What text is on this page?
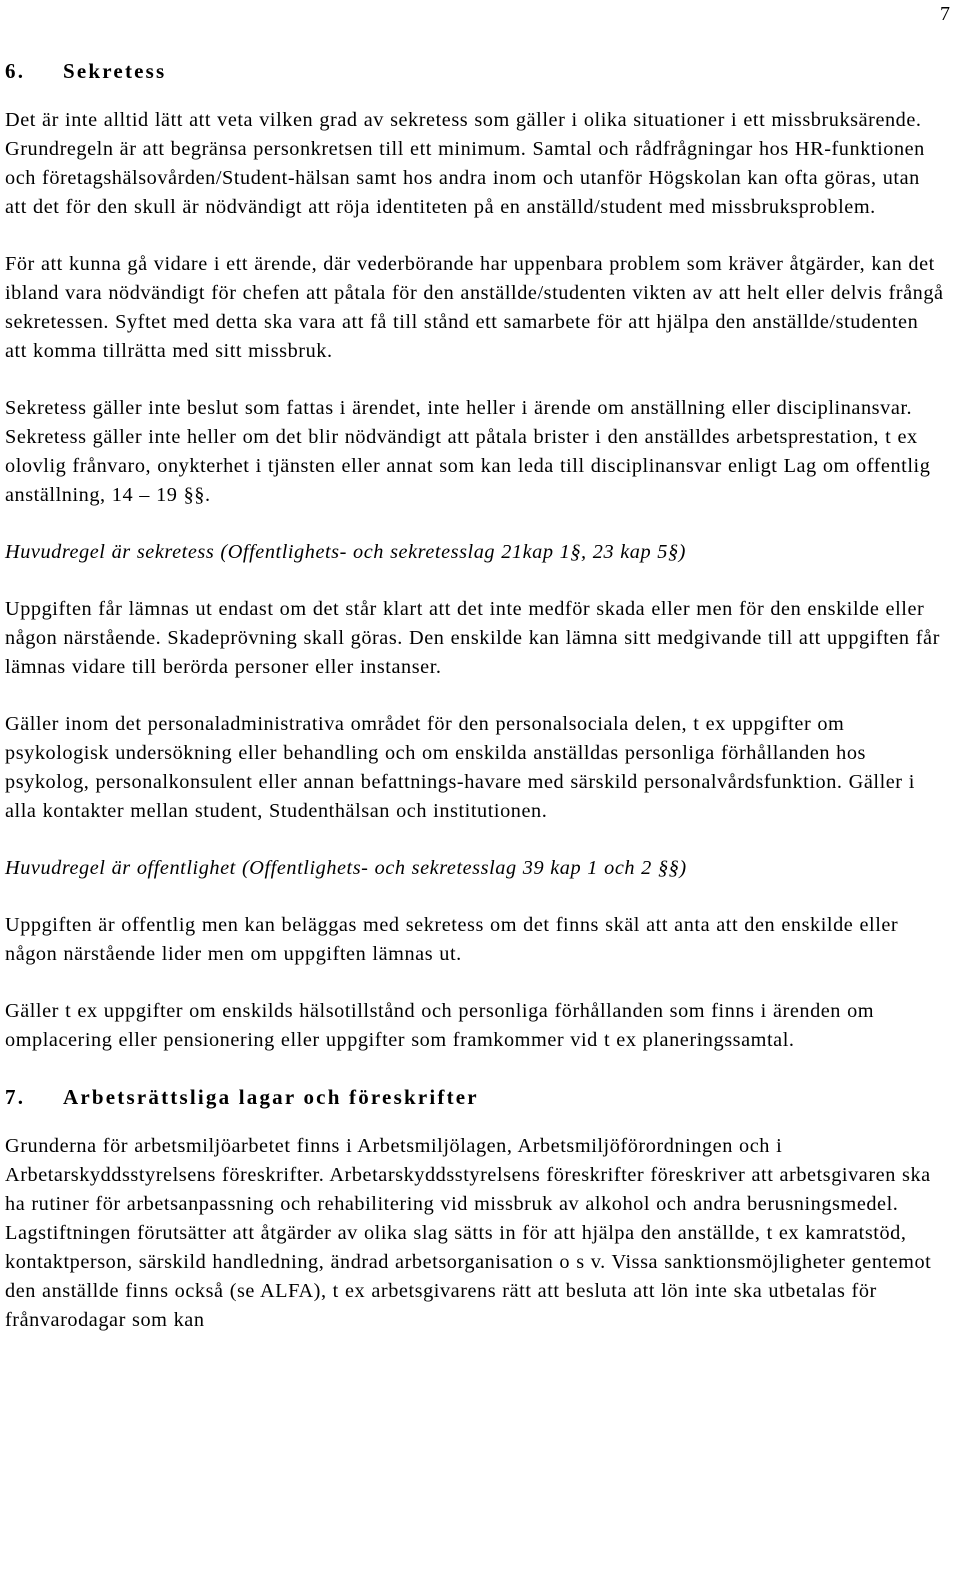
7
6.	Sekretess

Det är inte alltid lätt att veta vilken grad av sekretess som gäller i olika situationer i ett missbruksärende. Grundregeln är att begränsa personkretsen till ett minimum. Samtal och rådfrågningar hos HR-funktionen och företagshälsovården/Student-hälsan samt hos andra inom och utanför Högskolan kan ofta göras, utan att det för den skull är nödvändigt att röja identiteten på en anställd/student med missbruksproblem.

För att kunna gå vidare i ett ärende, där vederbörande har uppenbara problem som kräver åtgärder, kan det ibland vara nödvändigt för chefen att påtala för den anställde/studenten vikten av att helt eller delvis frångå sekretessen. Syftet med detta ska vara att få till stånd ett samarbete för att hjälpa den anställde/studenten att komma tillrätta med sitt missbruk.

Sekretess gäller inte beslut som fattas i ärendet, inte heller i ärende om anställning eller disciplinansvar. Sekretess gäller inte heller om det blir nödvändigt att påtala brister i den anställdes arbetsprestation, t ex olovlig frånvaro, onykterhet i tjänsten eller annat som kan leda till disciplinansvar enligt Lag om offentlig anställning, 14 – 19 §§.

Huvudregel är sekretess (Offentlighets- och sekretesslag 21kap 1§, 23 kap 5§)

Uppgiften får lämnas ut endast om det står klart att det inte medför skada eller men för den enskilde eller någon närstående. Skadeprövning skall göras. Den enskilde kan lämna sitt medgivande till att uppgiften får lämnas vidare till berörda personer eller instanser.

Gäller inom det personaladministrativa området för den personalsociala delen, t ex uppgifter om psykologisk undersökning eller behandling och om enskilda anställdas personliga förhållanden hos psykolog, personalkonsulent eller annan befattnings-havare med särskild personalvårdsfunktion. Gäller i alla kontakter mellan student, Studenthälsan och institutionen.

Huvudregel är offentlighet (Offentlighets- och sekretesslag 39 kap 1 och 2 §§)

Uppgiften är offentlig men kan beläggas med sekretess om det finns skäl att anta att den enskilde eller någon närstående lider men om uppgiften lämnas ut.

Gäller t ex uppgifter om enskilds hälsotillstånd och personliga förhållanden som finns i ärenden om omplacering eller pensionering eller uppgifter som framkommer vid t ex planeringssamtal.

7.	Arbetsrättsliga lagar och föreskrifter

Grunderna för arbetsmiljöarbetet finns i Arbetsmiljölagen, Arbetsmiljöförordningen och i Arbetarskyddsstyrelsens föreskrifter. Arbetarskyddsstyrelsens föreskrifter föreskriver att arbetsgivaren ska ha rutiner för arbetsanpassning och rehabilitering vid missbruk av alkohol och andra berusningsmedel. Lagstiftningen förutsätter att åtgärder av olika slag sätts in för att hjälpa den anställde, t ex kamratstöd, kontaktperson, särskild handledning, ändrad arbetsorganisation o s v. Vissa sanktionsmöjligheter gentemot den anställde finns också (se ALFA), t ex arbetsgivarens rätt att besluta att lön inte ska utbetalas för frånvarodagar som kan
